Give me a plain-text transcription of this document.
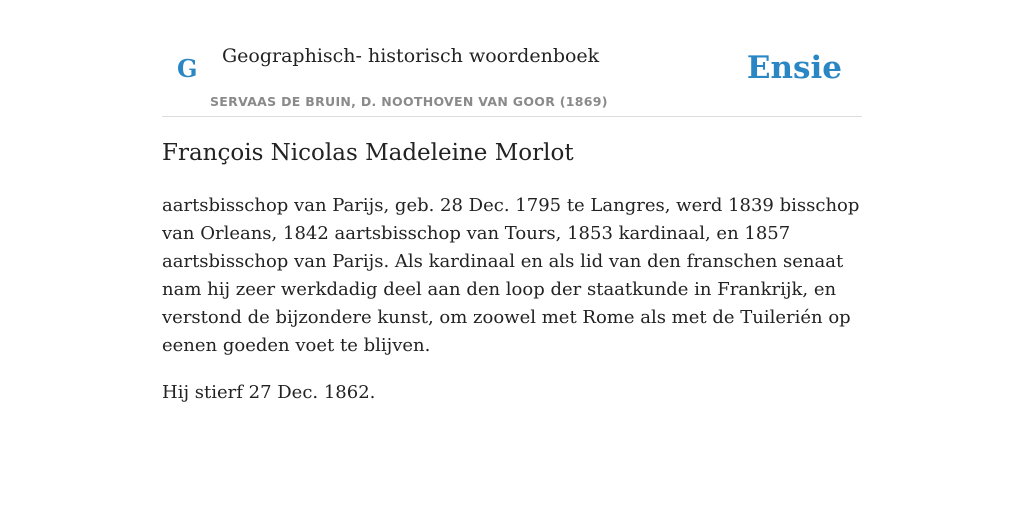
G Geographisch- historisch woordenboek
SERVAAS DE BRUIN, D. NOOTHOVEN VAN GOOR (1869)
Ensie
François Nicolas Madeleine Morlot

aartsbisschop van Parijs, geb. 28 Dec. 1795 te Langres, werd 1839 bisschop van Orleans, 1842 aartsbisschop van Tours, 1853 kardinaal, en 1857 aartsbisschop van Parijs. Als kardinaal en als lid van den franschen senaat nam hij zeer werkdadig deel aan den loop der staatkunde in Frankrijk, en verstond de bijzondere kunst, om zoowel met Rome als met de Tuilerién op eenen goeden voet te blijven.

Hij stierf 27 Dec. 1862.
